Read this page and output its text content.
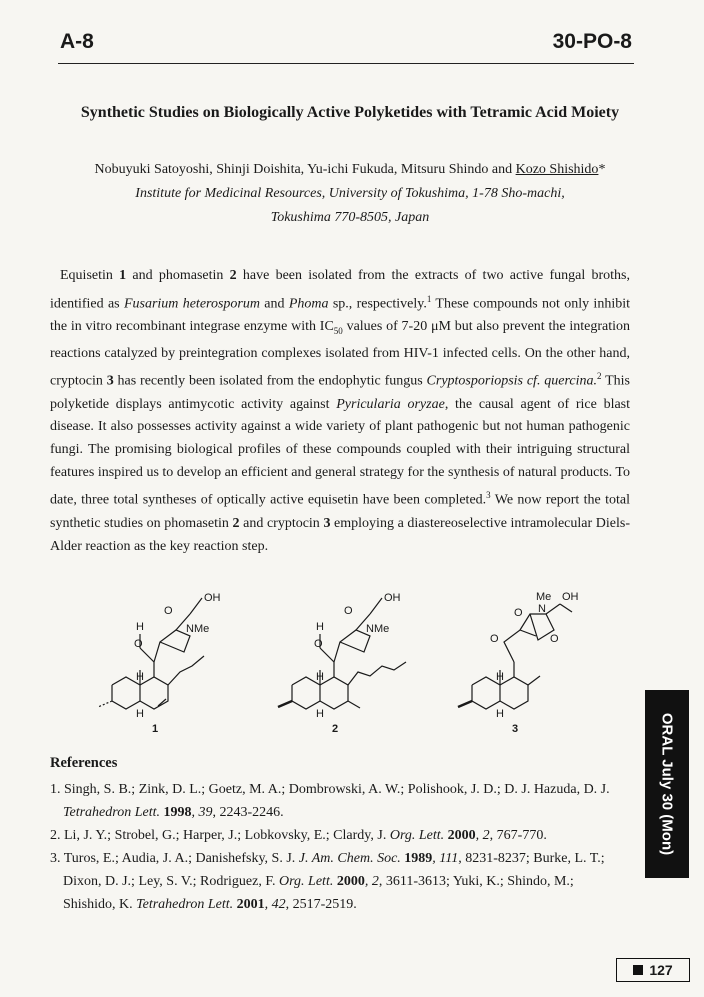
A-8	30-PO-8
Synthetic Studies on Biologically Active Polyketides with Tetramic Acid Moiety
Nobuyuki Satoyoshi, Shinji Doishita, Yu-ichi Fukuda, Mitsuru Shindo and Kozo Shishido*
Institute for Medicinal Resources, University of Tokushima, 1-78 Sho-machi,
Tokushima 770-8505, Japan

Equisetin 1 and phomasetin 2 have been isolated from the extracts of two active fungal broths, identified as Fusarium heterosporum and Phoma sp., respectively.$^1$ These compounds not only inhibit the in vitro recombinant integrase enzyme with $IC_{50}$ values of 7-20 μM but also prevent the integration reactions catalyzed by preintegration complexes isolated from HIV-1 infected cells. On the other hand, cryptocin 3 has recently been isolated from the endophytic fungus Cryptosporiopsis cf. quercina.$^2$ This polyketide displays antimycotic activity against Pyricularia oryzae, the causal agent of rice blast disease. It also possesses activity against a wide variety of plant pathogenic but not human pathogenic fungi. The promising biological profiles of these compounds coupled with their intriguing structural features inspired us to develop an efficient and general strategy for the synthesis of natural products. To date, three total syntheses of optically active equisetin have been completed.$^3$ We now report the total synthetic studies on phomasetin 2 and cryptocin 3 employing a diastereoselective intramolecular Diels-Alder reaction as the key reaction step.

O
H
O
OH
NMe
H
H
1
O
H
O
OH
NMe
H
H
2
O
O
O
N
Me OH
H
H
3
References
1. Singh, S. B.; Zink, D. L.; Goetz, M. A.; Dombrowski, A. W.; Polishook, J. D.; D. J. Hazuda, D. J. Tetrahedron Lett. 1998, 39, 2243-2246.
2. Li, J. Y.; Strobel, G.; Harper, J.; Lobkovsky, E.; Clardy, J. Org. Lett. 2000, 2, 767-770.
3. Turos, E.; Audia, J. A.; Danishefsky, S. J. J. Am. Chem. Soc. 1989, 111, 8231-8237; Burke, L. T.; Dixon, D. J.; Ley, S. V.; Rodriguez, F. Org. Lett. 2000, 2, 3611-3613; Yuki, K.; Shindo, M.; Shishido, K. Tetrahedron Lett. 2001, 42, 2517-2519.
ORAL July 30 (Mon)
127
